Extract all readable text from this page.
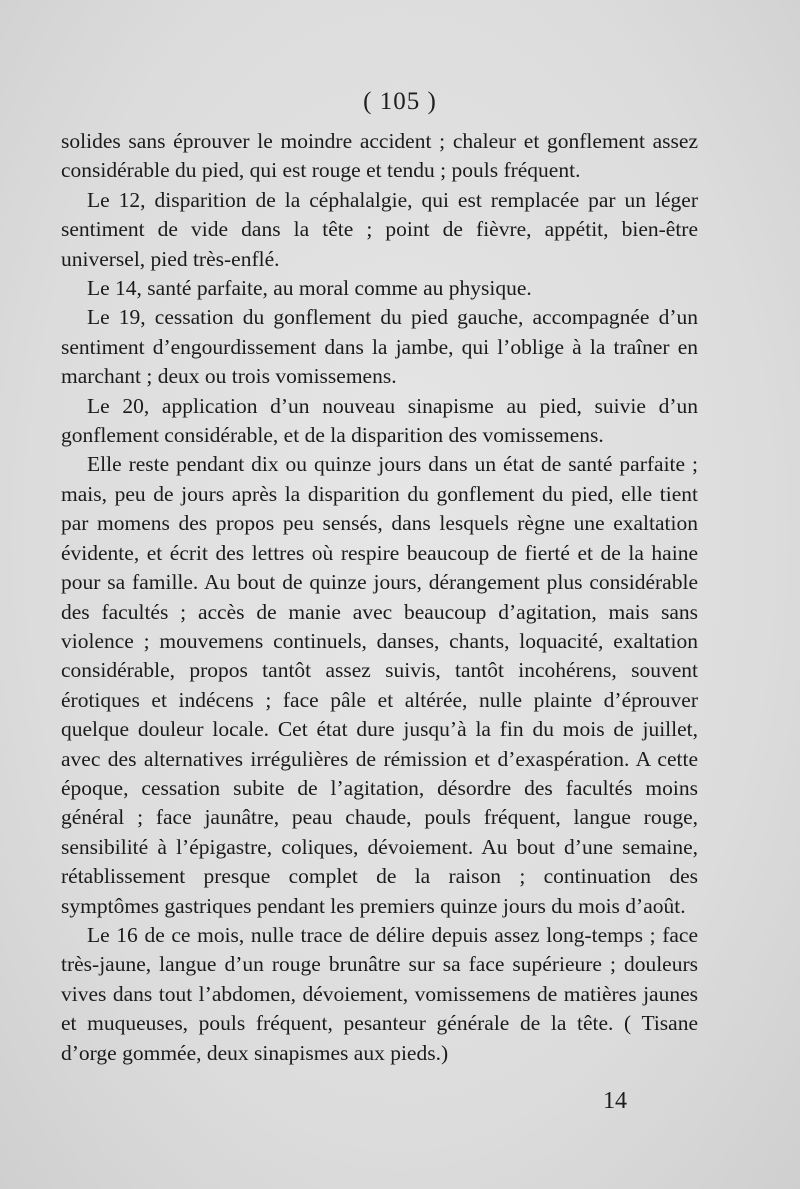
( 105 )

solides sans éprouver le moindre accident ; chaleur et gonflement assez considérable du pied, qui est rouge et tendu ; pouls fréquent.

Le 12, disparition de la céphalalgie, qui est remplacée par un léger sentiment de vide dans la tête ; point de fièvre, appétit, bien-être universel, pied très-enflé.

Le 14, santé parfaite, au moral comme au physique.

Le 19, cessation du gonflement du pied gauche, accompagnée d’un sentiment d’engourdissement dans la jambe, qui l’oblige à la traîner en marchant ; deux ou trois vomissemens.

Le 20, application d’un nouveau sinapisme au pied, suivie d’un gonflement considérable, et de la disparition des vomissemens.

Elle reste pendant dix ou quinze jours dans un état de santé parfaite ; mais, peu de jours après la disparition du gonflement du pied, elle tient par momens des propos peu sensés, dans lesquels règne une exaltation évidente, et écrit des lettres où respire beaucoup de fierté et de la haine pour sa famille. Au bout de quinze jours, dérangement plus considérable des facultés ; accès de manie avec beaucoup d’agitation, mais sans violence ; mouvemens continuels, danses, chants, loquacité, exaltation considérable, propos tantôt assez suivis, tantôt incohérens, souvent érotiques et indécens ; face pâle et altérée, nulle plainte d’éprouver quelque douleur locale. Cet état dure jusqu’à la fin du mois de juillet, avec des alternatives irrégulières de rémission et d’exaspération. A cette époque, cessation subite de l’agitation, désordre des facultés moins général ; face jaunâtre, peau chaude, pouls fréquent, langue rouge, sensibilité à l’épigastre, coliques, dévoiement. Au bout d’une semaine, rétablissement presque complet de la raison ; continuation des symptômes gastriques pendant les premiers quinze jours du mois d’août.

Le 16 de ce mois, nulle trace de délire depuis assez long-temps ; face très-jaune, langue d’un rouge brunâtre sur sa face supérieure ; douleurs vives dans tout l’abdomen, dévoiement, vomissemens de matières jaunes et muqueuses, pouls fréquent, pesanteur générale de la tête. ( Tisane d’orge gommée, deux sinapismes aux pieds.)

14
